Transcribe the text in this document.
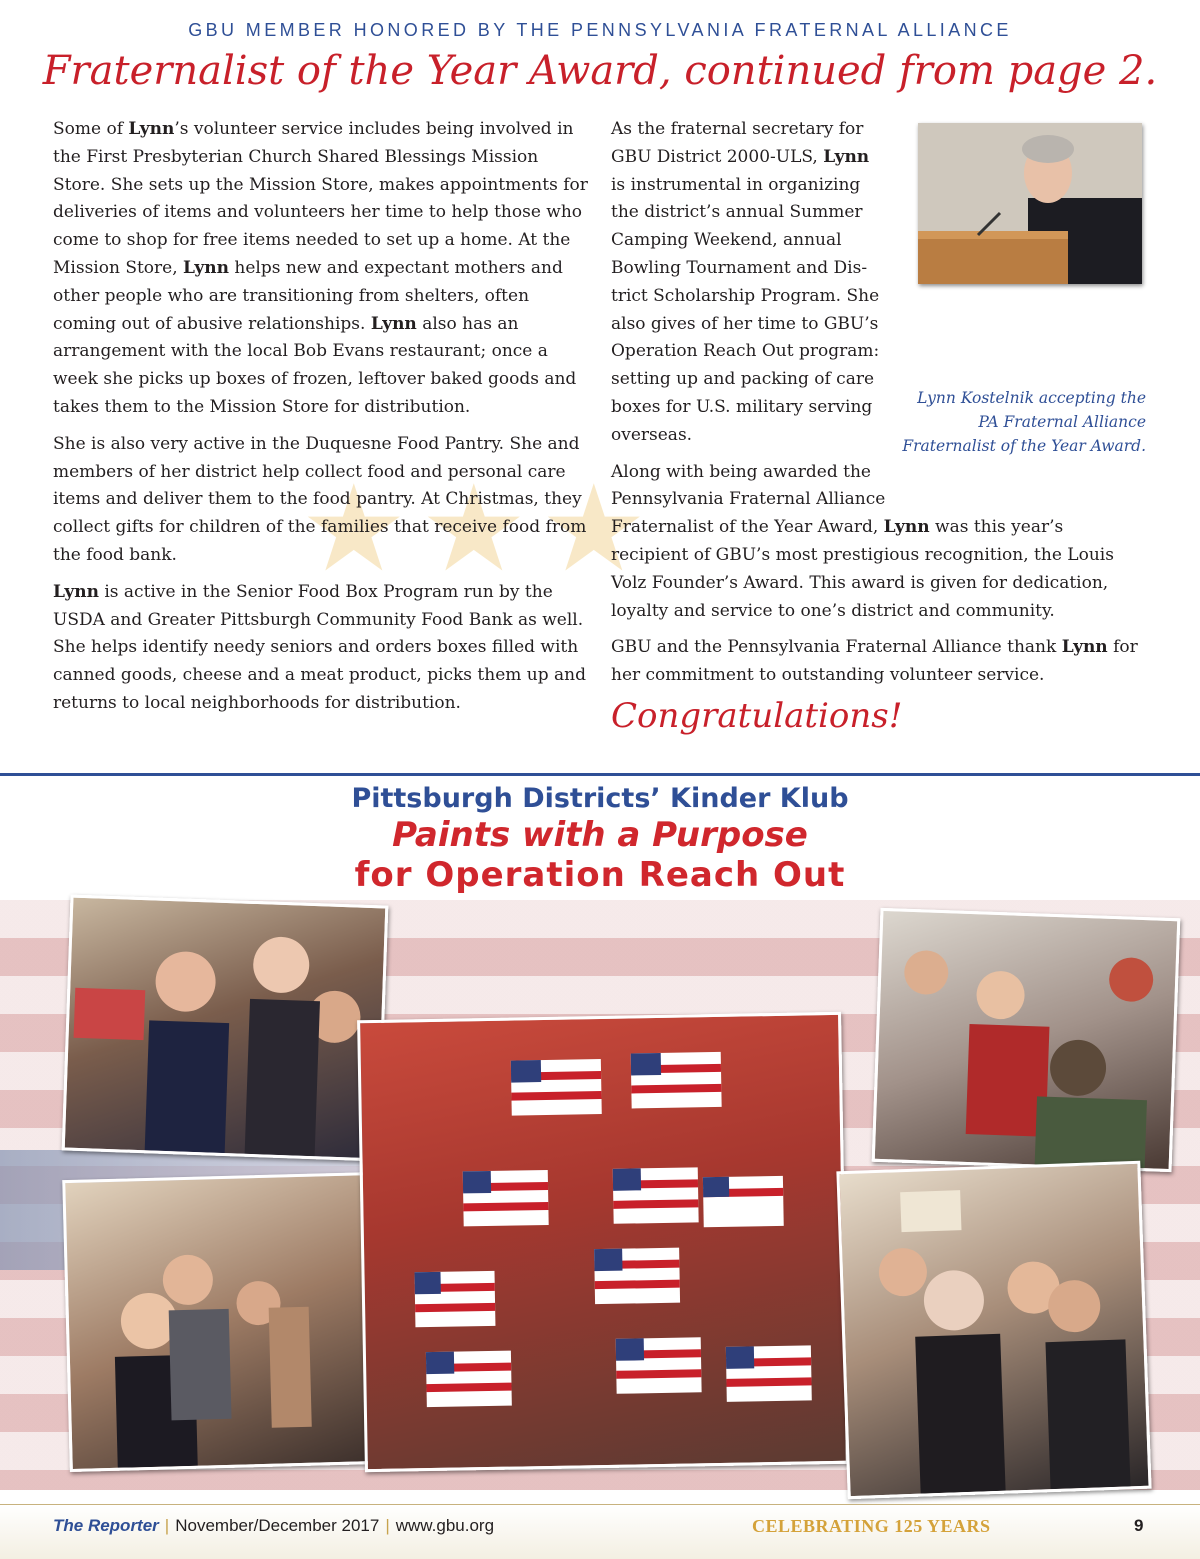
GBU MEMBER HONORED BY THE PENNSYLVANIA FRATERNAL ALLIANCE
Fraternalist of the Year Award, continued from page 2.
★ ★ ★

Some of Lynn’s volunteer service includes being involved in the First Presbyterian Church Shared Blessings Mission Store. She sets up the Mission Store, makes appointments for deliveries of items and volunteers her time to help those who come to shop for free items needed to set up a home. At the Mission Store, Lynn helps new and expectant mothers and other people who are transitioning from shelters, often coming out of abusive relationships. Lynn also has an arrangement with the local Bob Evans restaurant; once a week she picks up boxes of frozen, leftover baked goods and takes them to the Mission Store for distribution.

She is also very active in the Duquesne Food Pantry. She and members of her district help collect food and personal care items and deliver them to the food pantry. At Christmas, they collect gifts for children of the families that receive food from the food bank.

Lynn is active in the Senior Food Box Program run by the USDA and Greater Pittsburgh Community Food Bank as well. She helps identify needy seniors and orders boxes filled with canned goods, cheese and a meat product, picks them up and returns to local neighborhoods for distribution.

As the fraternal secretary for
GBU District 2000-ULS, Lynn
is instrumental in organizing
the district’s annual Summer
Camping Weekend, annual
Bowling Tournament and Dis-
trict Scholarship Program. She
also gives of her time to GBU’s
Operation Reach Out program:
setting up and packing of care
boxes for U.S. military serving
overseas.

Along with being awarded the
Pennsylvania Fraternal Alliance
Fraternalist of the Year Award, Lynn was this year’s recipient of GBU’s most prestigious recognition, the Louis Volz Founder’s Award. This award is given for dedication, loyalty and service to one’s district and community.

GBU and the Pennsylvania Fraternal Alliance thank Lynn for her commitment to outstanding volunteer service.

Lynn Kostelnik accepting the PA Fraternal Alliance Fraternalist of the Year Award.
Congratulations!
Pittsburgh Districts’ Kinder Klub
Paints with a Purpose
for Operation Reach Out
The Reporter | November/December 2017 | www.gbu.org	CELEBRATING 125 YEARS	9
